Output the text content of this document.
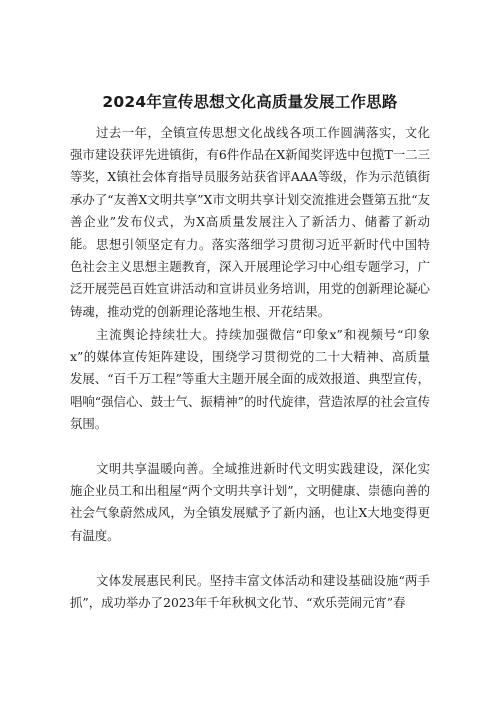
2024年宣传思想文化高质量发展工作思路

过去一年，全镇宣传思想文化战线各项工作圆满落实，文化强市建设获评先进镇街，有6件作品在X新闻奖评选中包揽T一二三等奖，X镇社会体育指导员服务站获省评AAA等级，作为示范镇街承办了“友善X文明共享”X市文明共享计划交流推进会暨第五批“友善企业”发布仪式，为X高质量发展注入了新活力、储蓄了新动能。 思想引领坚定有力。落实落细学习贯彻习近平新时代中国特色社会主义思想主题教育，深入开展理论学习中心组专题学习，广泛开展莞邑百姓宣讲活动和宣讲员业务培训，用党的创新理论凝心铸魂，推动党的创新理论落地生根、开花结果。

主流舆论持续壮大。持续加强微信“印象x”和视频号“印象x”的媒体宣传矩阵建设，围绕学习贯彻党的二十大精神、高质量发展、“百千万工程”等重大主题开展全面的成效报道、典型宣传，唱响“强信心、鼓士气、振精神”的时代旋律，营造浓厚的社会宣传氛围。

文明共享温暖向善。全域推进新时代文明实践建设，深化实施企业员工和出租屋“两个文明共享计划”，文明健康、崇德向善的社会气象蔚然成风，为全镇发展赋予了新内涵，也让X大地变得更有温度。

文体发展惠民利民。坚持丰富文体活动和建设基础设施“两手抓”，成功举办了2023年千年秋枫文化节、“欢乐莞闹元宵”春
